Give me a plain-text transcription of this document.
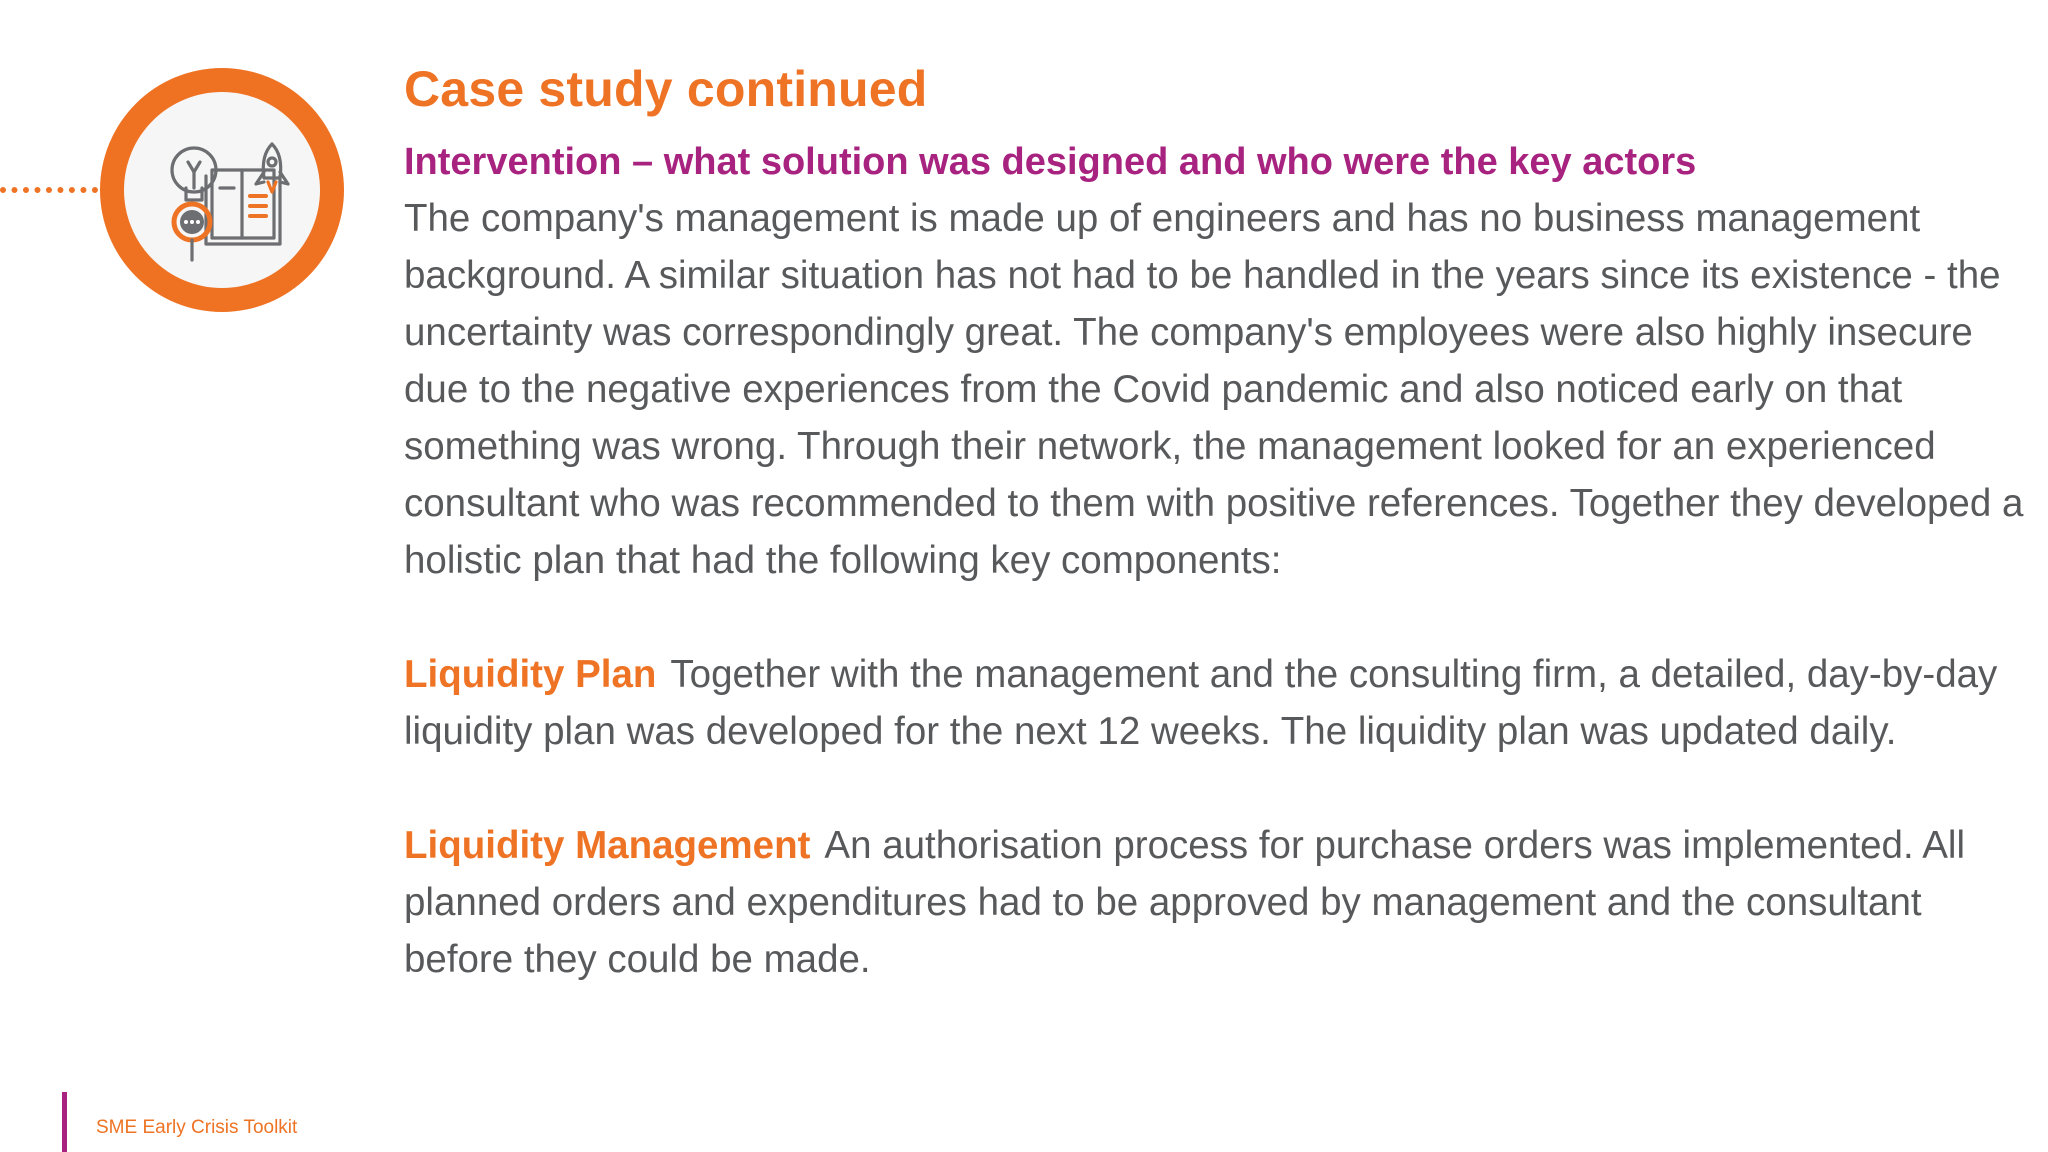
Case study continued
Intervention – what solution was designed and who were the key actors

The company's management is made up of engineers and has no business management background. A similar situation has not had to be handled in the years since its existence - the uncertainty was correspondingly great. The company's employees were also highly insecure due to the negative experiences from the Covid pandemic and also noticed early on that something was wrong. Through their network, the management looked for an experienced consultant who was recommended to them with positive references. Together they developed a holistic plan that had the following key components:

Liquidity Plan Together with the management and the consulting firm, a detailed, day-by-day liquidity plan was developed for the next 12 weeks. The liquidity plan was updated daily.

Liquidity Management An authorisation process for purchase orders was implemented. All planned orders and expenditures had to be approved by management and the consultant before they could be made.

SME Early Crisis Toolkit
